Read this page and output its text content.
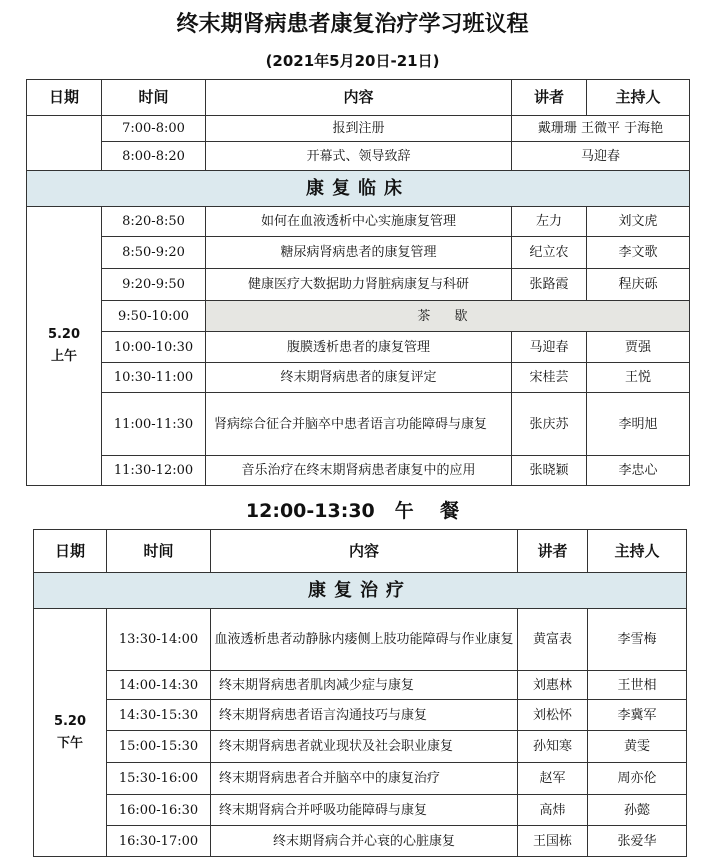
终末期肾病患者康复治疗学习班议程
(2021年5月20日-21日)
日期	时间	内容	讲者	主持人
	7:00-8:00	报到注册	戴珊珊 王微平 于海艳	
	8:00-8:20	开幕式、领导致辞	马迎春	
康复临床				

5.20
上午	8:20-8:50	如何在血液透析中心实施康复管理	左力	刘文虎
	8:50-9:20	糖尿病肾病患者的康复管理	纪立农	李文歌
	9:20-9:50	健康医疗大数据助力肾脏病康复与科研	张路霞	程庆砾
	9:50-10:00	茶 歇		
	10:00-10:30	腹膜透析患者的康复管理	马迎春	贾强
	10:30-11:00	终末期肾病患者的康复评定	宋桂芸	王悦
	11:00-11:30	肾病综合征合并脑卒中患者语言功能障碍与康复	张庆苏	李明旭
	11:30-12:00	音乐治疗在终末期肾病患者康复中的应用	张晓颖	李忠心
12:00-13:30   午    餐
日期	时间	内容	讲者	主持人
康复治疗				

5.20
下午	13:30-14:00	血液透析患者动静脉内瘘侧上肢功能障碍与作业康复	黄富表	李雪梅
	14:00-14:30	终末期肾病患者肌肉减少症与康复	刘惠林	王世相
	14:30-15:30	终末期肾病患者语言沟通技巧与康复	刘松怀	李冀军
	15:00-15:30	终末期肾病患者就业现状及社会职业康复	孙知寒	黄雯
	15:30-16:00	终末期肾病患者合并脑卒中的康复治疗	赵军	周亦伦
	16:00-16:30	终末期肾病合并呼吸功能障碍与康复	高炜	孙懿
	16:30-17:00	终末期肾病合并心衰的心脏康复	王国栋	张爱华
